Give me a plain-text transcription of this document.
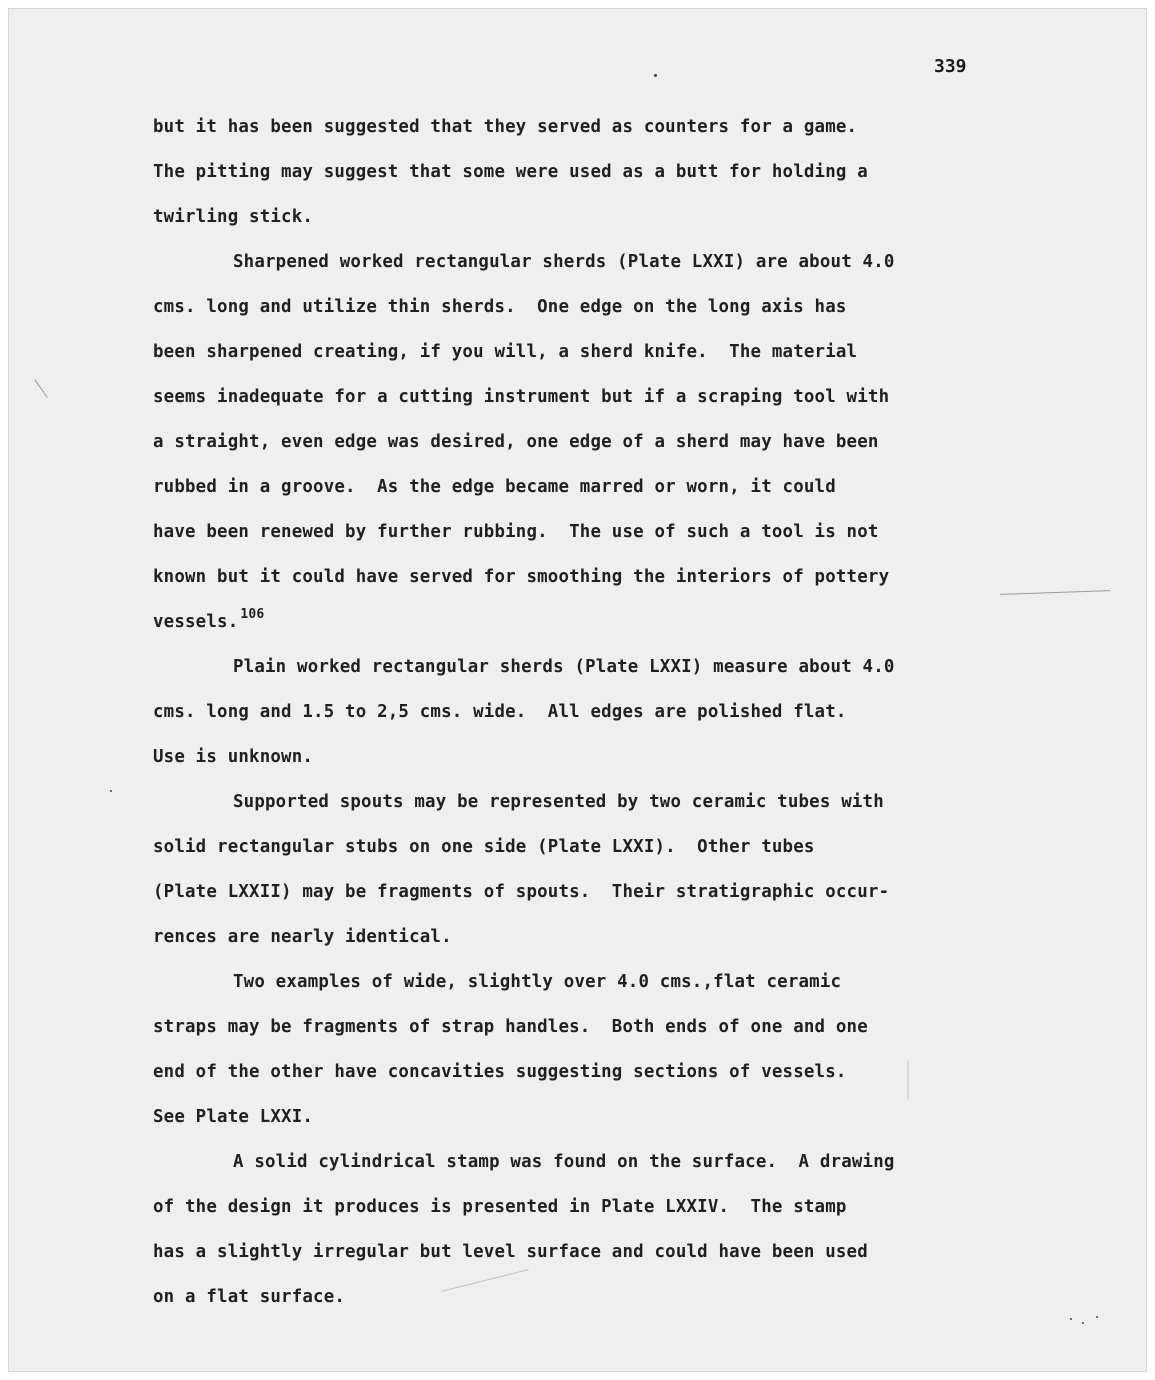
339

but it has been suggested that they served as counters for a game.

The pitting may suggest that some were used as a butt for holding a

twirling stick.

Sharpened worked rectangular sherds (Plate LXXI) are about 4.0

cms. long and utilize thin sherds.  One edge on the long axis has

been sharpened creating, if you will, a sherd knife.  The material

seems inadequate for a cutting instrument but if a scraping tool with

a straight, even edge was desired, one edge of a sherd may have been

rubbed in a groove.  As the edge became marred or worn, it could

have been renewed by further rubbing.  The use of such a tool is not

known but it could have served for smoothing the interiors of pottery

vessels. $^{106}$

Plain worked rectangular sherds (Plate LXXI) measure about 4.0

cms. long and 1.5 to 2,5 cms. wide.  All edges are polished flat.

Use is unknown.

Supported spouts may be represented by two ceramic tubes with

solid rectangular stubs on one side (Plate LXXI).  Other tubes

(Plate LXXII) may be fragments of spouts.  Their stratigraphic occur-

rences are nearly identical.

Two examples of wide, slightly over 4.0 cms.,flat ceramic

straps may be fragments of strap handles.  Both ends of one and one

end of the other have concavities suggesting sections of vessels.

See Plate LXXI.

A solid cylindrical stamp was found on the surface.  A drawing

of the design it produces is presented in Plate LXXIV.  The stamp

has a slightly irregular but level surface and could have been used

on a flat surface.
